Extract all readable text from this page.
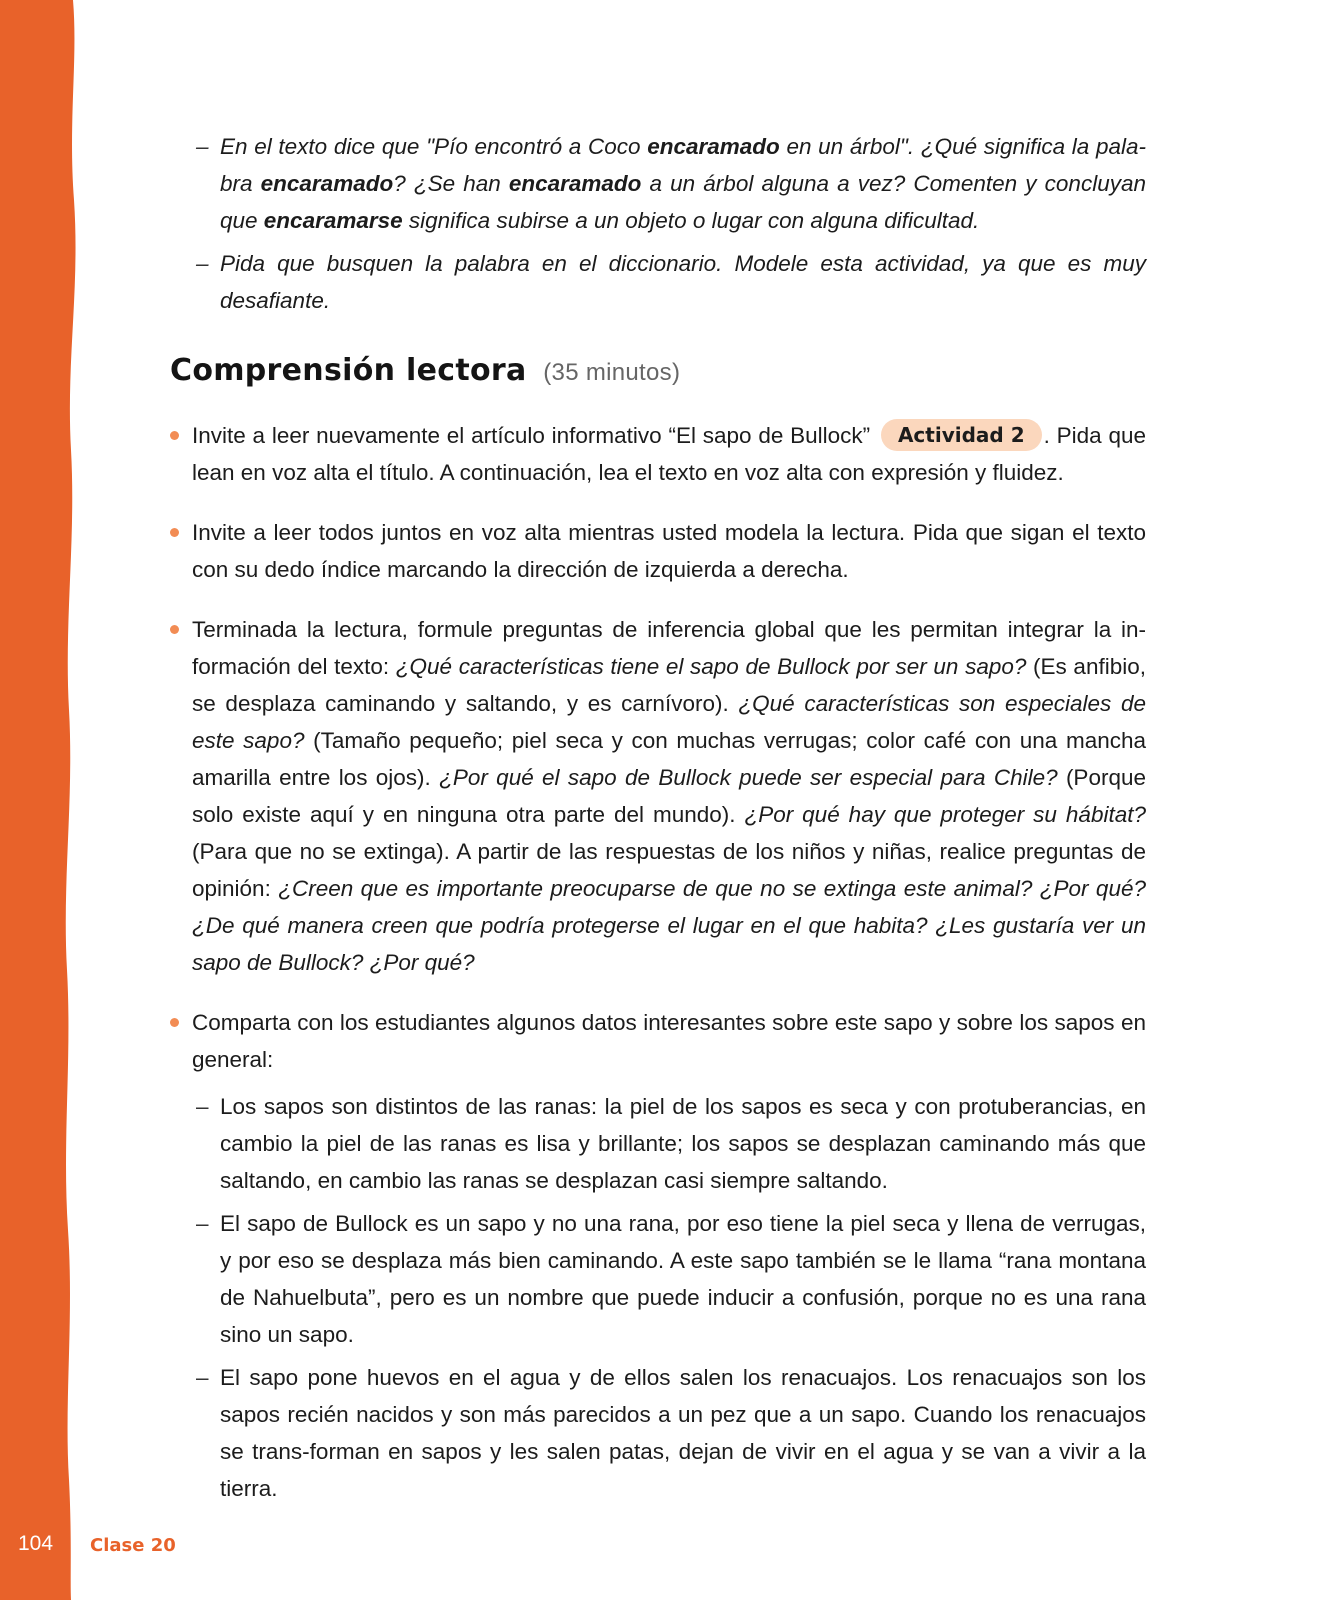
– En el texto dice que "Pío encontró a Coco encaramado en un árbol". ¿Qué significa la pala-bra encaramado? ¿Se han encaramado a un árbol alguna a vez? Comenten y concluyan que encaramarse significa subirse a un objeto o lugar con alguna dificultad.
– Pida que busquen la palabra en el diccionario. Modele esta actividad, ya que es muy desafiante.
Comprensión lectora (35 minutos)
Invite a leer nuevamente el artículo informativo “El sapo de Bullock” Actividad 2 . Pida que lean en voz alta el título. A continuación, lea el texto en voz alta con expresión y fluidez.
Invite a leer todos juntos en voz alta mientras usted modela la lectura. Pida que sigan el texto con su dedo índice marcando la dirección de izquierda a derecha.
Terminada la lectura, formule preguntas de inferencia global que les permitan integrar la in-formación del texto: ¿Qué características tiene el sapo de Bullock por ser un sapo? (Es anfibio, se desplaza caminando y saltando, y es carnívoro). ¿Qué características son especiales de este sapo? (Tamaño pequeño; piel seca y con muchas verrugas; color café con una mancha amarilla entre los ojos). ¿Por qué el sapo de Bullock puede ser especial para Chile? (Porque solo existe aquí y en ninguna otra parte del mundo). ¿Por qué hay que proteger su hábitat? (Para que no se extinga). A partir de las respuestas de los niños y niñas, realice preguntas de opinión: ¿Creen que es importante preocuparse de que no se extinga este animal? ¿Por qué? ¿De qué manera creen que podría protegerse el lugar en el que habita? ¿Les gustaría ver un sapo de Bullock? ¿Por qué?
Comparta con los estudiantes algunos datos interesantes sobre este sapo y sobre los sapos en general:
– Los sapos son distintos de las ranas: la piel de los sapos es seca y con protuberancias, en cambio la piel de las ranas es lisa y brillante; los sapos se desplazan caminando más que saltando, en cambio las ranas se desplazan casi siempre saltando.
– El sapo de Bullock es un sapo y no una rana, por eso tiene la piel seca y llena de verrugas, y por eso se desplaza más bien caminando. A este sapo también se le llama “rana montana de Nahuelbuta”, pero es un nombre que puede inducir a confusión, porque no es una rana sino un sapo.
– El sapo pone huevos en el agua y de ellos salen los renacuajos. Los renacuajos son los sapos recién nacidos y son más parecidos a un pez que a un sapo. Cuando los renacuajos se trans-forman en sapos y les salen patas, dejan de vivir en el agua y se van a vivir a la tierra.
104 Clase 20
